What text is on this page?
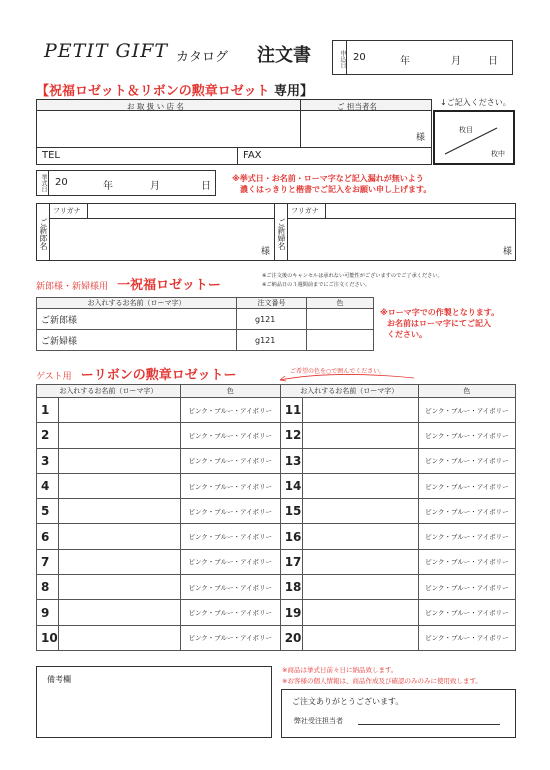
PETIT GIFT カタログ 注文書	申込日 20	年	月	日
【祝福ロゼット＆リボンの勲章ロゼット 専用】
お 取 扱 い 店 名	ご 担当者名
様
TEL	FAX
↓ご記入ください。
枚目
枚中
挙式日 20	年	月	日
※挙式日・お名前・ローマ字など記入漏れが無いよう
濃くはっきりと楷書でご記入をお願い申し上げます。
ご新郎名
フリガナ
様
ご新婦名
フリガナ
様
新郎様・新婦様用 一祝福ロゼットー
※ご注文後のキャンセルは承れない可能性がございますのでご了承ください。
※ご納品日の３週間前までにご注文ください。
お入れするお名前（ローマ字）	注文番号	色
ご新郎様	g121	
ご新婦様	g121	
※ローマ字での作製となります。
お名前はローマ字にてご記入
ください。
ゲスト用 ーリボンの勲章ロゼットー	ご希望の色を○で囲んでください。
お入れするお名前（ローマ字）		色	お入れするお名前（ローマ字）		色
1		ピンク・ブルー・アイボリー	11		ピンク・ブルー・アイボリー
2		ピンク・ブルー・アイボリー	12		ピンク・ブルー・アイボリー
3		ピンク・ブルー・アイボリー	13		ピンク・ブルー・アイボリー
4		ピンク・ブルー・アイボリー	14		ピンク・ブルー・アイボリー
5		ピンク・ブルー・アイボリー	15		ピンク・ブルー・アイボリー
6		ピンク・ブルー・アイボリー	16		ピンク・ブルー・アイボリー
7		ピンク・ブルー・アイボリー	17		ピンク・ブルー・アイボリー
8		ピンク・ブルー・アイボリー	18		ピンク・ブルー・アイボリー
9		ピンク・ブルー・アイボリー	19		ピンク・ブルー・アイボリー
10		ピンク・ブルー・アイボリー	20		ピンク・ブルー・アイボリー
備考欄
※商品は挙式日前々日に納品致します。
※お客様の個人情報は、商品作成及び確認のみのみに使用致します。
ご注文ありがとうございます。
弊社受注担当者
